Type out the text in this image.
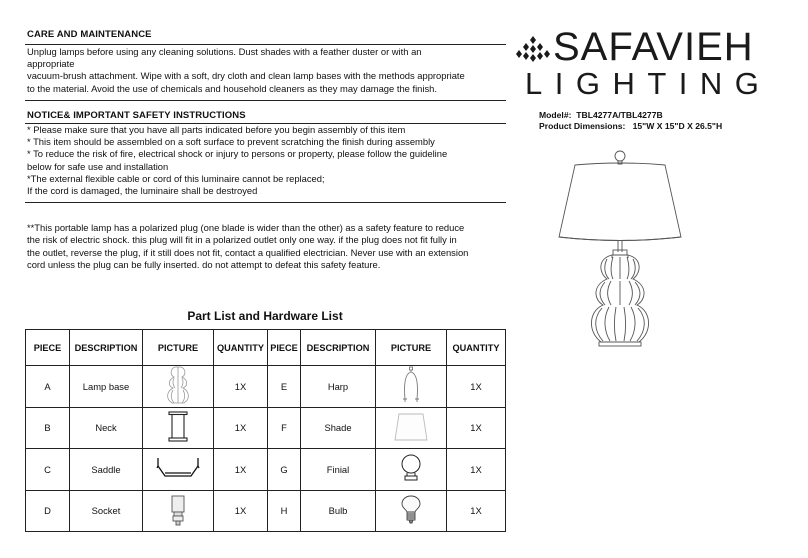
CARE AND MAINTENANCE

Unplug lamps before using any cleaning solutions. Dust shades with a feather duster or with an

appropriate

vacuum-brush attachment. Wipe with a soft, dry cloth and clean lamp bases with the methods appropriate

to the material. Avoid the use of chemicals and household cleaners as they may damage the finish.

NOTICE& IMPORTANT SAFETY INSTRUCTIONS

* Please make sure that you have all parts indicated before you begin assembly of this item

* This item should be assembled on a soft surface to prevent scratching the finish during assembly

* To reduce the risk of fire, electrical shock or injury to persons or property, please follow the guideline

below for safe use and installation

*The external flexible cable or cord of this luminaire cannot be replaced;

If the cord is damaged, the luminaire shall be destroyed

**This portable lamp has a polarized plug (one blade is wider than the other) as a safety feature to reduce

the risk of electric shock. this plug will fit in a polarized outlet only one way. if the plug does not fit fully in

the outlet, reverse the plug, if it still does not fit, contact a qualified electrician. Never use with an extension

cord unless the plug can be fully inserted. do not attempt to defeat this safety feature.

SAFAVIEH
LIGHTING
Model#: TBL4277A/TBL4277B
Product Dimensions: 15"W X 15"D X 26.5"H
Part List and Hardware List
PIECE	DESCRIPTION	PICTURE	QUANTITY	PIECE	DESCRIPTION	PICTURE	QUANTITY
A	Lamp base		1X	E	Harp		1X
B	Neck		1X	F	Shade		1X
C	Saddle		1X	G	Finial		1X
D	Socket		1X	H	Bulb		1X
